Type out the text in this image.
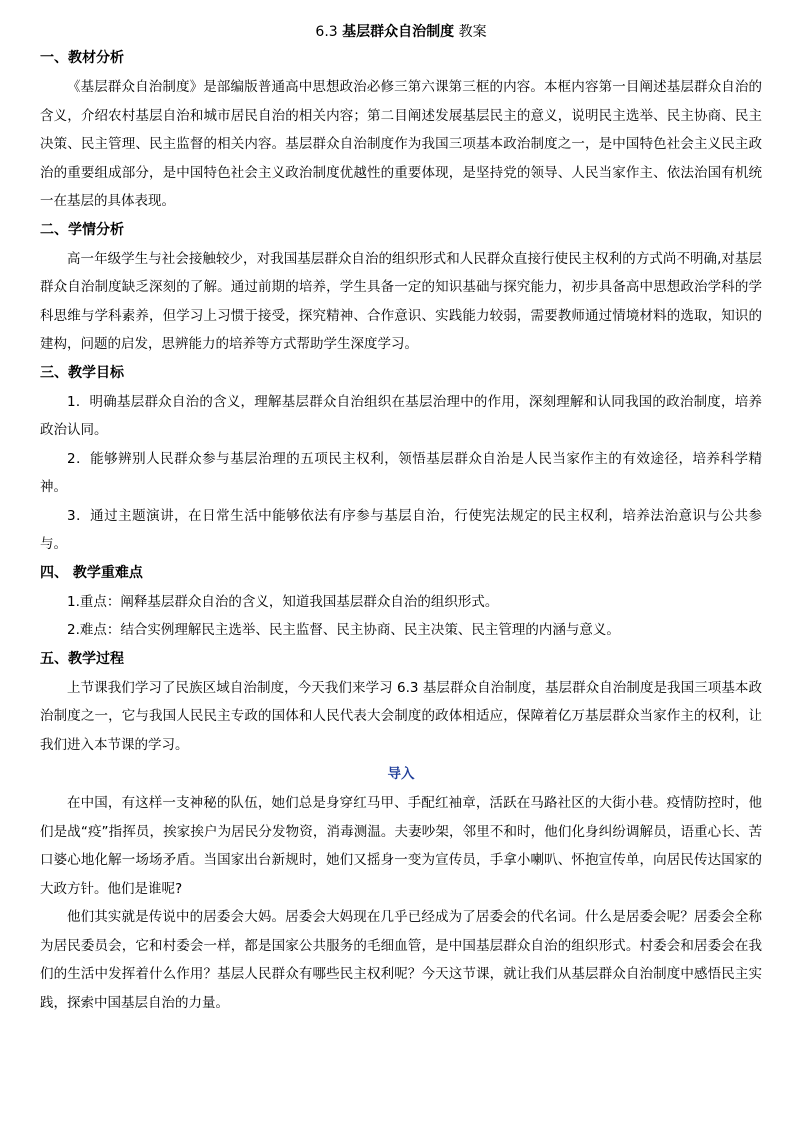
6.3 基层群众自治制度 教案
一、教材分析

《基层群众自治制度》是部编版普通高中思想政治必修三第六课第三框的内容。本框内容第一目阐述基层群众自治的含义，介绍农村基层自治和城市居民自治的相关内容；第二目阐述发展基层民主的意义，说明民主选举、民主协商、民主决策、民主管理、民主监督的相关内容。基层群众自治制度作为我国三项基本政治制度之一，是中国特色社会主义民主政治的重要组成部分，是中国特色社会主义政治制度优越性的重要体现，是坚持党的领导、人民当家作主、依法治国有机统一在基层的具体表现。

二、学情分析

高一年级学生与社会接触较少，对我国基层群众自治的组织形式和人民群众直接行使民主权利的方式尚不明确,对基层群众自治制度缺乏深刻的了解。通过前期的培养，学生具备一定的知识基础与探究能力，初步具备高中思想政治学科的学科思维与学科素养，但学习上习惯于接受，探究精神、合作意识、实践能力较弱，需要教师通过情境材料的选取，知识的建构，问题的启发，思辨能力的培养等方式帮助学生深度学习。

三、教学目标

1．明确基层群众自治的含义，理解基层群众自治组织在基层治理中的作用，深刻理解和认同我国的政治制度，培养政治认同。

2．能够辨别人民群众参与基层治理的五项民主权利，领悟基层群众自治是人民当家作主的有效途径，培养科学精神。

3．通过主题演讲，在日常生活中能够依法有序参与基层自治，行使宪法规定的民主权利，培养法治意识与公共参与。

四、 教学重难点

1.重点：阐释基层群众自治的含义，知道我国基层群众自治的组织形式。

2.难点：结合实例理解民主选举、民主监督、民主协商、民主决策、民主管理的内涵与意义。

五、教学过程

上节课我们学习了民族区域自治制度，今天我们来学习 6.3 基层群众自治制度，基层群众自治制度是我国三项基本政治制度之一，它与我国人民民主专政的国体和人民代表大会制度的政体相适应，保障着亿万基层群众当家作主的权利，让我们进入本节课的学习。

导入

在中国，有这样一支神秘的队伍，她们总是身穿红马甲、手配红袖章，活跃在马路社区的大街小巷。疫情防控时，他们是战“疫”指挥员，挨家挨户为居民分发物资，消毒测温。夫妻吵架，邻里不和时，他们化身纠纷调解员，语重心长、苦口婆心地化解一场场矛盾。当国家出台新规时，她们又摇身一变为宣传员，手拿小喇叭、怀抱宣传单，向居民传达国家的大政方针。他们是谁呢?

他们其实就是传说中的居委会大妈。居委会大妈现在几乎已经成为了居委会的代名词。什么是居委会呢？居委会全称为居民委员会，它和村委会一样，都是国家公共服务的毛细血管，是中国基层群众自治的组织形式。村委会和居委会在我们的生活中发挥着什么作用？基层人民群众有哪些民主权利呢？今天这节课，就让我们从基层群众自治制度中感悟民主实践，探索中国基层自治的力量。
